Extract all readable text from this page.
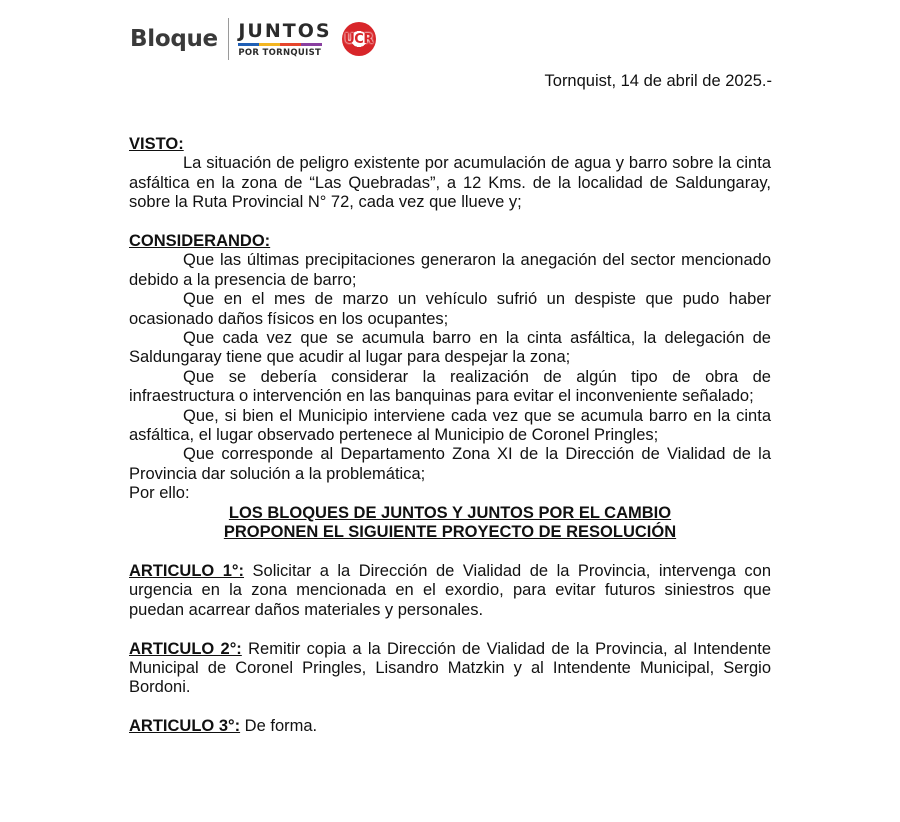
Bloque JUNTOS
POR TORNQUIST
UCR
Tornquist, 14 de abril de 2025.-

VISTO:

La situación de peligro existente por acumulación de agua y barro sobre la cinta asfáltica en la zona de “Las Quebradas”, a 12 Kms. de la localidad de Saldungaray, sobre la Ruta Provincial N° 72, cada vez que llueve y;

CONSIDERANDO:

Que las últimas precipitaciones generaron la anegación del sector mencionado debido a la presencia de barro;

Que en el mes de marzo un vehículo sufrió un despiste que pudo haber ocasionado daños físicos en los ocupantes;

Que cada vez que se acumula barro en la cinta asfáltica, la delegación de Saldungaray tiene que acudir al lugar para despejar la zona;

Que se debería considerar la realización de algún tipo de obra de infraestructura o intervención en las banquinas para evitar el inconveniente señalado;

Que, si bien el Municipio interviene cada vez que se acumula barro en la cinta asfáltica, el lugar observado pertenece al Municipio de Coronel Pringles;

Que corresponde al Departamento Zona XI de la Dirección de Vialidad de la Provincia dar solución a la problemática;

Por ello:

LOS BLOQUES DE JUNTOS Y JUNTOS POR EL CAMBIO

PROPONEN EL SIGUIENTE PROYECTO DE RESOLUCIÓN

ARTICULO 1°: Solicitar a la Dirección de Vialidad de la Provincia, intervenga con urgencia en la zona mencionada en el exordio, para evitar futuros siniestros que puedan acarrear daños materiales y personales.

ARTICULO 2°: Remitir copia a la Dirección de Vialidad de la Provincia, al Intendente Municipal de Coronel Pringles, Lisandro Matzkin y al Intendente Municipal, Sergio Bordoni.

ARTICULO 3°: De forma.
